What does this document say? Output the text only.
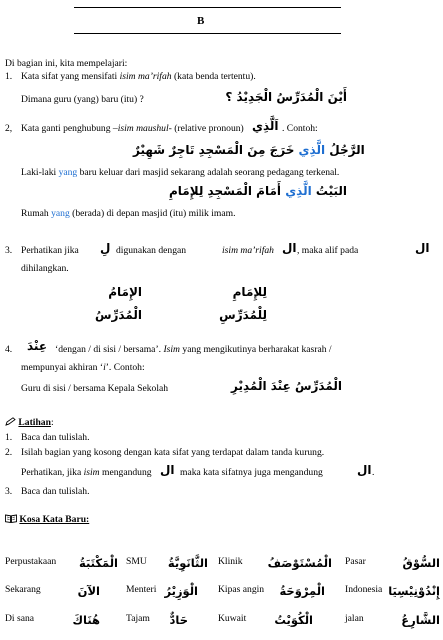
B
Di bagian ini, kita mempelajari:
1. Kata sifat yang mensifati isim ma’rifah (kata benda tertentu).
Dimana guru (yang) baru (itu) ?	أَيْنَ الْمُدَرِّسُ الْجَدِيْدُ ؟
2, Kata ganti penghubung –isim maushul- (relative pronoun) اَلَّذِي . Contoh:
الرَّجُلُ الَّذِي خَرَجَ مِنَ الْمَسْجِدِ تَاجِرٌ شَهِيْرٌ
Laki-laki yang baru keluar dari masjid sekarang adalah seorang pedagang terkenal.
البَيْتُ الَّذِي أَمَامَ الْمَسْجِدِ لِلإِمَامِ
Rumah yang (berada) di depan masjid (itu) milik imam.
3. Perhatikan jika لِ digunakan dengan	isim ma’rifah ال , maka alif pada	ال
dihilangkan.
الإِمَامُ	لِلإِمَامِ
الْمُدَرِّسُ	لِلْمُدَرِّسِ
4. عِنْدَ ‘dengan / di sisi / bersama’. Isim yang mengikutinya berharakat kasrah /
mempunyai akhiran ‘i’. Contoh:
Guru di sisi / bersama Kepala Sekolah	الْمُدَرِّسُ عِنْدَ الْمُدِيْرِ
Latihan:
1. Baca dan tulislah.
2. Isilah bagian yang kosong dengan kata sifat yang terdapat dalam tanda kurung.
Perhatikan, jika isim mengandung ال maka kata sifatnya juga mengandung	ال .
3. Baca dan tulislah.
Kosa Kata Baru:
Perpustakaan الْمَكْتَبَةُ SMU الثَّانَوِيَّةُ Klinik الْمُسْتَوْصَفُ Pasar	السُّوْقُ
Sekarang	الآنَ	Menteri الْوَزِيْرُ Kipas angin الْمِرْوَحَةُ Indonesia إِنْدُوْنِيْسِيَا
Di sana	هُنَاكَ	Tajam حَادٌّ	Kuwait الْكُوَيْتُ	jalan	الشَّارِعُ
